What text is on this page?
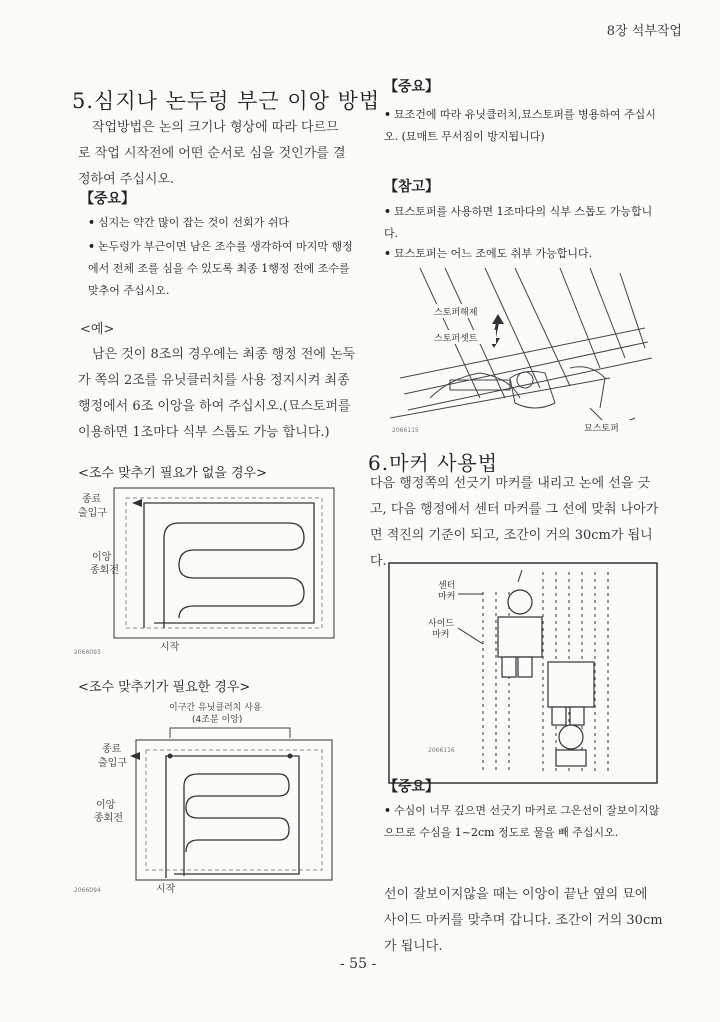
8장 석부작업
5.심지나 논두렁 부근 이앙 방법
작업방법은 논의 크기나 형상에 따라 다르므로 작업 시작전에 어떤 순서로 심을 것인가를 결정하여 주십시오.
【중요】
• 심지는 약간 많이 잡는 것이 선회가 쉬다
• 논두렁가 부근이면 남은 조수를 생각하여 마지막 행정에서 전체 조를 심을 수 있도록 최종 1행정 전에 조수를 맞추어 주십시오.
<예>
남은 것이 8조의 경우에는 최종 행정 전에 논둑가 쪽의 2조를 유닛클러치를 사용 정지시켜 최종행정에서 6조 이앙을 하여 주십시오.(묘스토퍼를 이용하면 1조마다 식부 스톱도 가능 합니다.)
<조수 맞추기 필요가 없을 경우>
종료
출입구
이앙
종회전
시작
2066093
<조수 맞추기가 필요한 경우>
이구간 유닛클러치 사용
(4조분 이앙)
종료
출입구
이앙
종회전
시작
2066094
【중요】
• 묘조건에 따라 유닛클러치,묘스토퍼를 병용하여 주십시오. (묘매트 무서짐이 방지됩니다)
【참고】
• 묘스토퍼를 사용하면 1조마다의 식부 스톱도 가능합니다.
• 묘스토퍼는 어느 조에도 취부 가능합니다.
스토퍼해제
스토퍼셋트
묘스토퍼
2066115
6.마커 사용법
다음 행정쪽의 선긋기 마커를 내리고 논에 선을 긋고, 다음 행정에서 센터 마커를 그 선에 맞춰 나아가면 적진의 기준이 되고, 조간이 거의 30cm가 됩니다.
센터
마커
사이드
마커
2066116
【중요】
• 수심이 너무 깊으면 선긋기 마커로 그은선이 잘보이지않으므로 수심을 1~2cm 정도로 물을 빼 주십시오.
선이 잘보이지않을 때는 이앙이 끝난 옆의 묘에 사이드 마커를 맞추며 갑니다. 조간이 거의 30cm가 됩니다.
- 55 -
